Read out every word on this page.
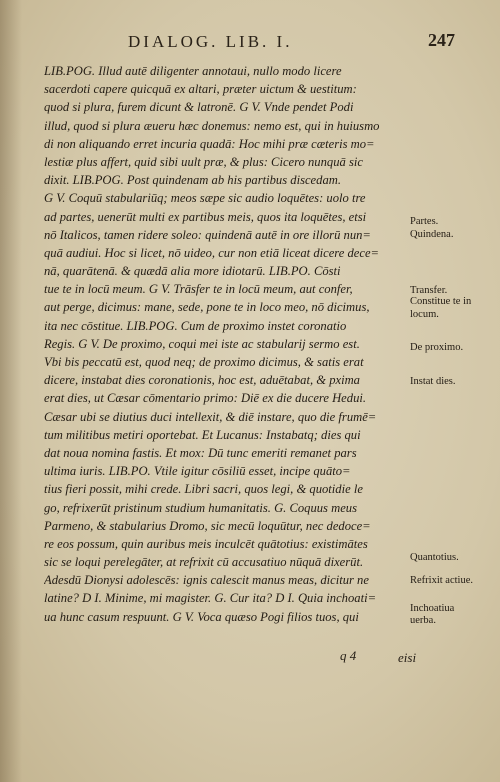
DIALOG. LIB. I.	247
LIB.POG. Illud autē diligenter annotaui, nullo modo licere
sacerdoti capere quicquā ex altari, præter uictum & uestitum:
quod si plura, furem dicunt & latronē. G V. Vnde pendet Podi
illud, quod si plura æueru hæc donemus: nemo est, qui in huiusmo
di non aliquando erret incuria quadā: Hoc mihi præ cæteris mo=
lestiæ plus affert, quid sibi uult præ, & plus: Cicero nunquā sic
dixit. LIB.POG. Post quindenam ab his partibus discedam.
G V. Coquū stabulariūq; meos sæpe sic audio loquētes: uolo tre
ad partes, uenerūt multi ex partibus meis, quos ita loquētes, etsi
nō Italicos, tamen ridere soleo: quindenā autē in ore illorū nun=
quā audiui. Hoc si licet, nō uideo, cur non etiā liceat dicere dece=
nā, quarātenā. & quædā alia more idiotarū. LIB.PO. Cōsti
tue te in locū meum. G V. Trāsfer te in locū meum, aut confer,
aut perge, dicimus: mane, sede, pone te in loco meo, nō dicimus,
ita nec cōstitue. LIB.POG. Cum de proximo instet coronatio
Regis. G V. De proximo, coqui mei iste ac stabularij sermo est.
Vbi bis peccatū est, quod neq; de proximo dicimus, & satis erat
dicere, instabat dies coronationis, hoc est, aduētabat, & pxima
erat dies, ut Cæsar cōmentario primo: Diē ex die ducere Hedui.
Cæsar ubi se diutius duci intellexit, & diē instare, quo die frumē=
tum militibus metiri oportebat. Et Lucanus: Instabatq; dies qui
dat noua nomina fastis. Et mox: Dū tunc emeriti remanet pars
ultima iuris. LIB.PO. Vtile igitur cōsiliū esset, incipe quāto=
tius fieri possit, mihi crede. Libri sacri, quos legi, & quotidie le
go, refrixerūt pristinum studium humanitatis. G. Coquus meus
Parmeno, & stabularius Dromo, sic mecū loquūtur, nec dedoce=
re eos possum, quin auribus meis inculcēt quātotius: existimātes
sic se loqui perelegāter, at refrixit cū accusatiuo nūquā dixerūt.
Adesdū Dionysi adolescēs: ignis calescit manus meas, dicitur ne
latine? D I. Minime, mi magister. G. Cur ita? D I. Quia inchoati=
ua hunc casum respuunt. G V. Voca quæso Pogi filios tuos, qui
Partes.
Quindena.
Transfer.
Constitue te in
locum.
De proximo.
Instat dies.
Quantotius.
Refrixit actiue.
Inchoatiua
uerba.
q 4	eisi
